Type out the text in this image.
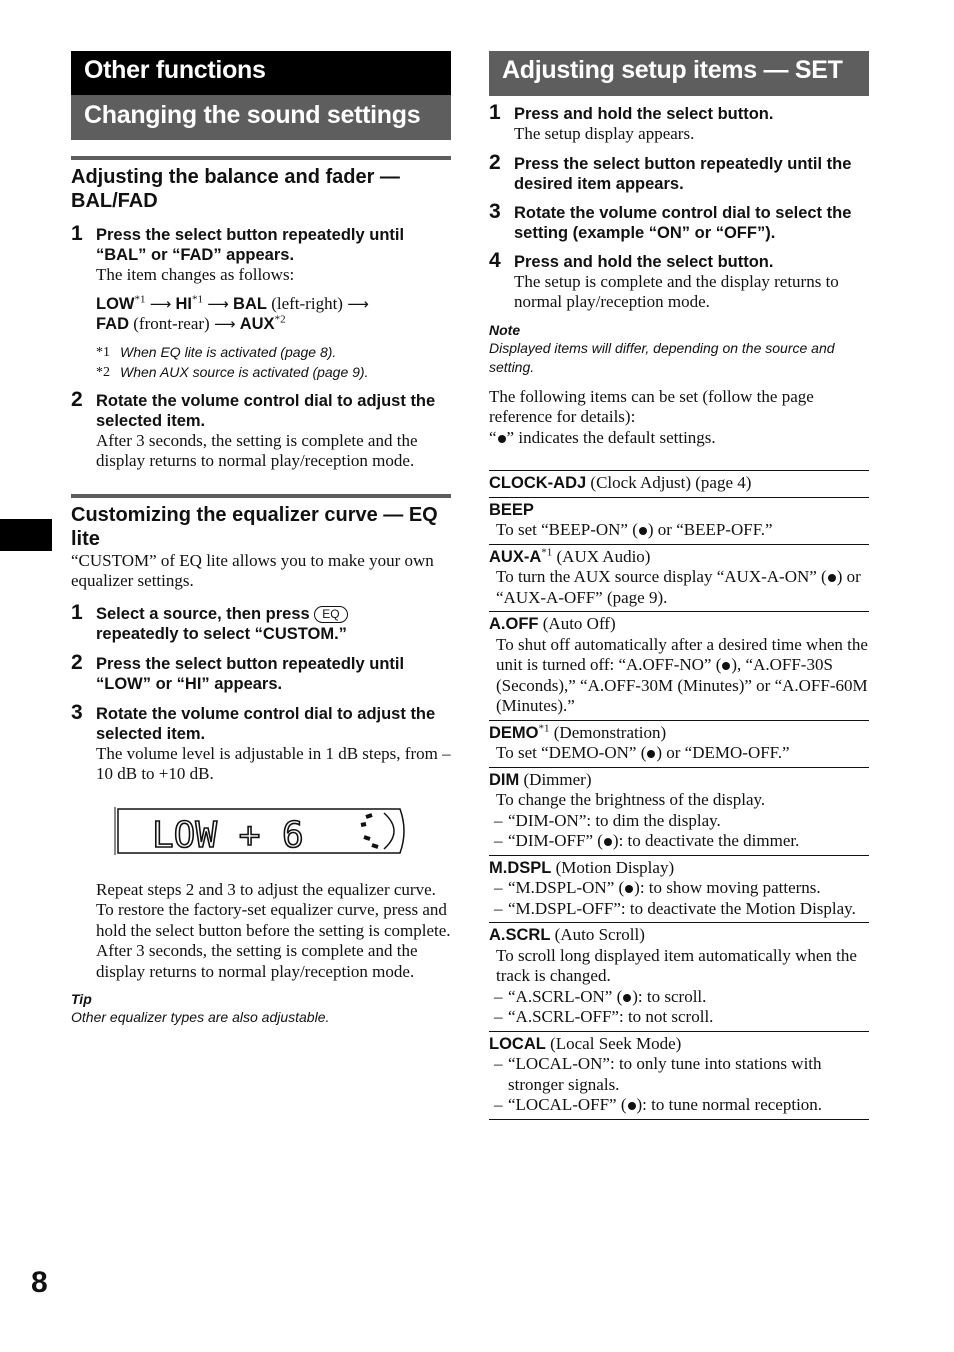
Other functions
Changing the sound settings
Adjusting the balance and fader — BAL/FAD
1 Press the select button repeatedly until “BAL” or “FAD” appears.
The item changes as follows:
LOW$^{*1}$ ⟶ HI$^{*1}$ ⟶ BAL (left-right) ⟶
FAD (front-rear) ⟶ AUX$^{*2}$
*1 When EQ lite is activated (page 8).
*2 When AUX source is activated (page 9).
2 Rotate the volume control dial to adjust the selected item.
After 3 seconds, the setting is complete and the display returns to normal play/reception mode.
Customizing the equalizer curve — EQ lite
“CUSTOM” of EQ lite allows you to make your own equalizer settings.
1 Select a source, then press EQ
repeatedly to select “CUSTOM.”
2 Press the select button repeatedly until “LOW” or “HI” appears.
3 Rotate the volume control dial to adjust the selected item.
The volume level is adjustable in 1 dB steps, from –10 dB to +10 dB.
LOW + 6
Repeat steps 2 and 3 to adjust the equalizer curve.
To restore the factory-set equalizer curve, press and hold the select button before the setting is complete.
After 3 seconds, the setting is complete and the display returns to normal play/reception mode.
Tip
Other equalizer types are also adjustable.
Adjusting setup items — SET
1 Press and hold the select button.
The setup display appears.
2 Press the select button repeatedly until the desired item appears.
3 Rotate the volume control dial to select the setting (example “ON” or “OFF”).
4 Press and hold the select button.
The setup is complete and the display returns to normal play/reception mode.
Note
Displayed items will differ, depending on the source and setting.
The following items can be set (follow the page reference for details):
“ ” indicates the default settings.
CLOCK-ADJ (Clock Adjust) (page 4)
BEEP
To set “BEEP-ON” ( ) or “BEEP-OFF.”
AUX-$A^{*1}$ (AUX Audio)
To turn the AUX source display “AUX-A-ON” ( ) or “AUX-A-OFF” (page 9).
A.OFF (Auto Off)
To shut off automatically after a desired time when the unit is turned off: “A.OFF-NO” ( ), “A.OFF-30S (Seconds),” “A.OFF-30M (Minutes)” or “A.OFF-60M (Minutes).”
DEMO$^{*1}$ (Demonstration)
To set “DEMO-ON” ( ) or “DEMO-OFF.”
DIM (Dimmer)
To change the brightness of the display.
– “DIM-ON”: to dim the display.
– “DIM-OFF” ( ): to deactivate the dimmer.
M.DSPL (Motion Display)
– “M.DSPL-ON” ( ): to show moving patterns.
– “M.DSPL-OFF”: to deactivate the Motion Display.
A.SCRL (Auto Scroll)
To scroll long displayed item automatically when the track is changed.
– “A.SCRL-ON” ( ): to scroll.
– “A.SCRL-OFF”: to not scroll.
LOCAL (Local Seek Mode)
– “LOCAL-ON”: to only tune into stations with stronger signals.
– “LOCAL-OFF” ( ): to tune normal reception.
8
